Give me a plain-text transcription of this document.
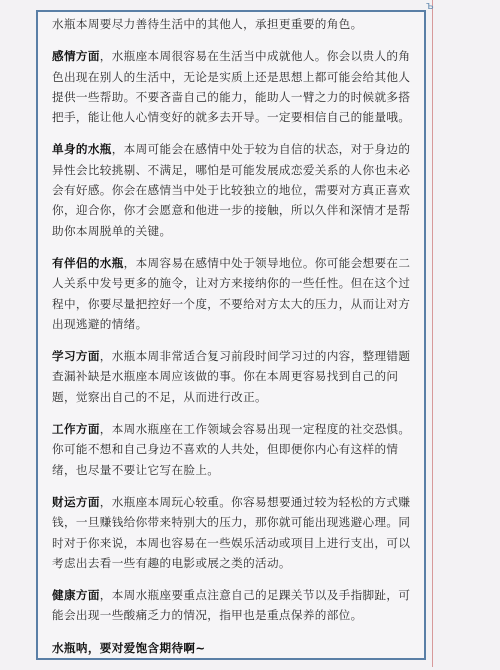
ъ

水瓶本周要尽力善待生活中的其他人，承担更重要的角色。

感情方面，水瓶座本周很容易在生活当中成就他人。你会以贵人的角色出现在别人的生活中，无论是实质上还是思想上都可能会给其他人提供一些帮助。不要吝啬自己的能力，能助人一臂之力的时候就多搭把手，能让他人心情变好的就多去开导。一定要相信自己的能量哦。

单身的水瓶，本周可能会在感情中处于较为自信的状态，对于身边的异性会比较挑剔、不满足，哪怕是可能发展成恋爱关系的人你也未必会有好感。你会在感情当中处于比较独立的地位，需要对方真正喜欢你，迎合你，你才会愿意和他进一步的接触，所以久伴和深情才是帮助你本周脱单的关键。

有伴侣的水瓶，本周容易在感情中处于领导地位。你可能会想要在二人关系中发号更多的施令，让对方来接纳你的一些任性。但在这个过程中，你要尽量把控好一个度，不要给对方太大的压力，从而让对方出现逃避的情绪。

学习方面，水瓶本周非常适合复习前段时间学习过的内容，整理错题查漏补缺是水瓶座本周应该做的事。你在本周更容易找到自己的问题，觉察出自己的不足，从而进行改正。

工作方面，本周水瓶座在工作领域会容易出现一定程度的社交恐惧。你可能不想和自己身边不喜欢的人共处，但即便你内心有这样的情绪，也尽量不要让它写在脸上。

财运方面，水瓶座本周玩心较重。你容易想要通过较为轻松的方式赚钱，一旦赚钱给你带来特别大的压力，那你就可能出现逃避心理。同时对于你来说，本周也容易在一些娱乐活动或项目上进行支出，可以考虑出去看一些有趣的电影或展之类的活动。

健康方面，本周水瓶座要重点注意自己的足踝关节以及手指脚趾，可能会出现一些酸痛乏力的情况，指甲也是重点保养的部位。

水瓶呐，要对爱饱含期待啊~
